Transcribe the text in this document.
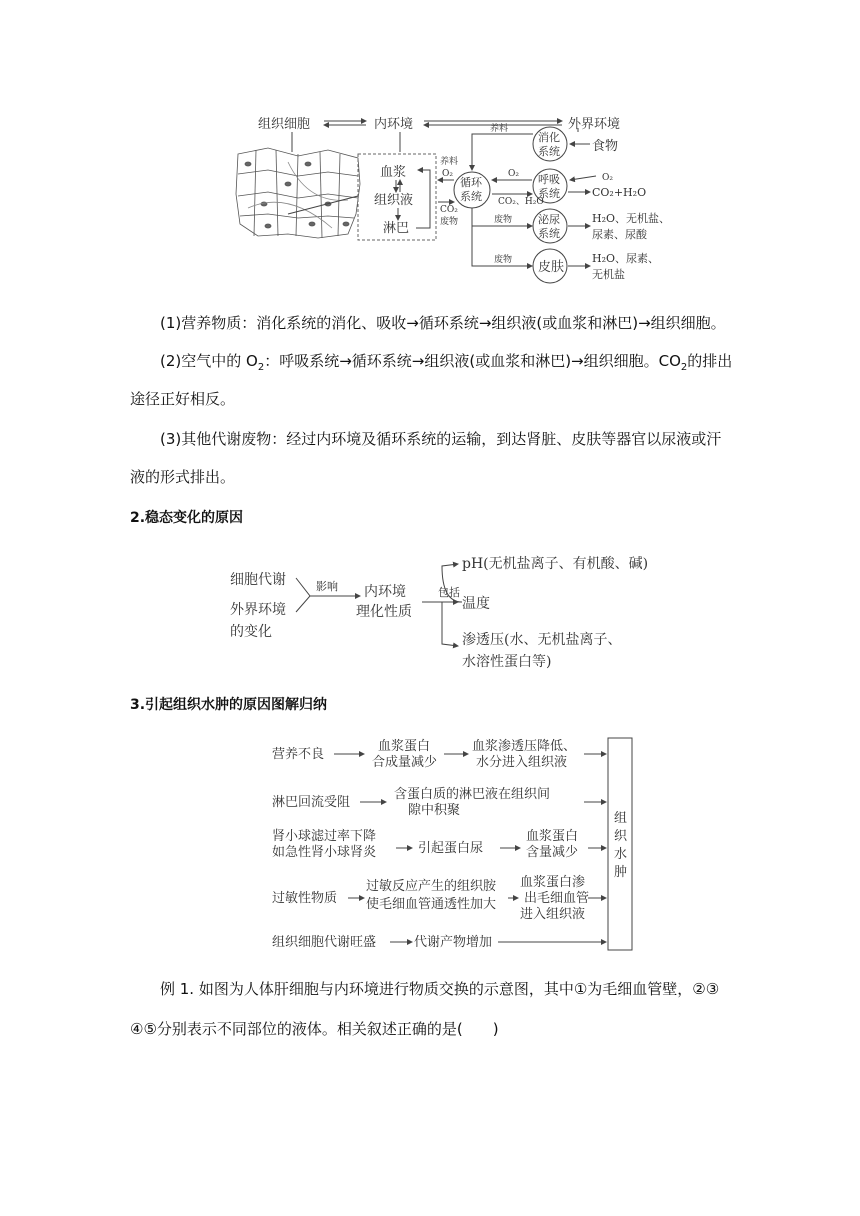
组织细胞	内环境	外界环境
血浆
组织液
淋巴
循环
系统
养料
O₂
CO₂
废物
消化
系统 食物
养料
呼吸
系统
O₂
CO₂、H₂O
O₂
CO₂+H₂O
泌尿
系统
废物	H₂O、无机盐、
尿素、尿酸
皮肤
废物	H₂O、尿素、
无机盐
(1)营养物质：消化系统的消化、吸收→循环系统→组织液(或血浆和淋巴)→组织细胞。
(2)空气中的 $O_2$：呼吸系统→循环系统→组织液(或血浆和淋巴)→组织细胞。$CO_2$的排出
途径正好相反。
(3)其他代谢废物：经过内环境及循环系统的运输，到达肾脏、皮肤等器官以尿液或汗
液的形式排出。
2.稳态变化的原因
细胞代谢
外界环境
的变化
影响 内环境
理化性质
包括
pH(无机盐离子、有机酸、碱)
温度
渗透压(水、无机盐离子、
水溶性蛋白等)
3.引起组织水肿的原因图解归纳
组
织
水
肿
营养不良
血浆蛋白
合成量减少
血浆渗透压降低、
水分进入组织液
淋巴回流受阻
含蛋白质的淋巴液在组织间
隙中积聚
肾小球滤过率下降
如急性肾小球肾炎	引起蛋白尿
血浆蛋白
含量减少
过敏性物质
过敏反应产生的组织胺
使毛细血管通透性加大
血浆蛋白渗
出毛细血管
进入组织液
组织细胞代谢旺盛	代谢产物增加
例 1. 如图为人体肝细胞与内环境进行物质交换的示意图，其中①为毛细血管壁，②③
④⑤分别表示不同部位的液体。相关叙述正确的是(　　)
